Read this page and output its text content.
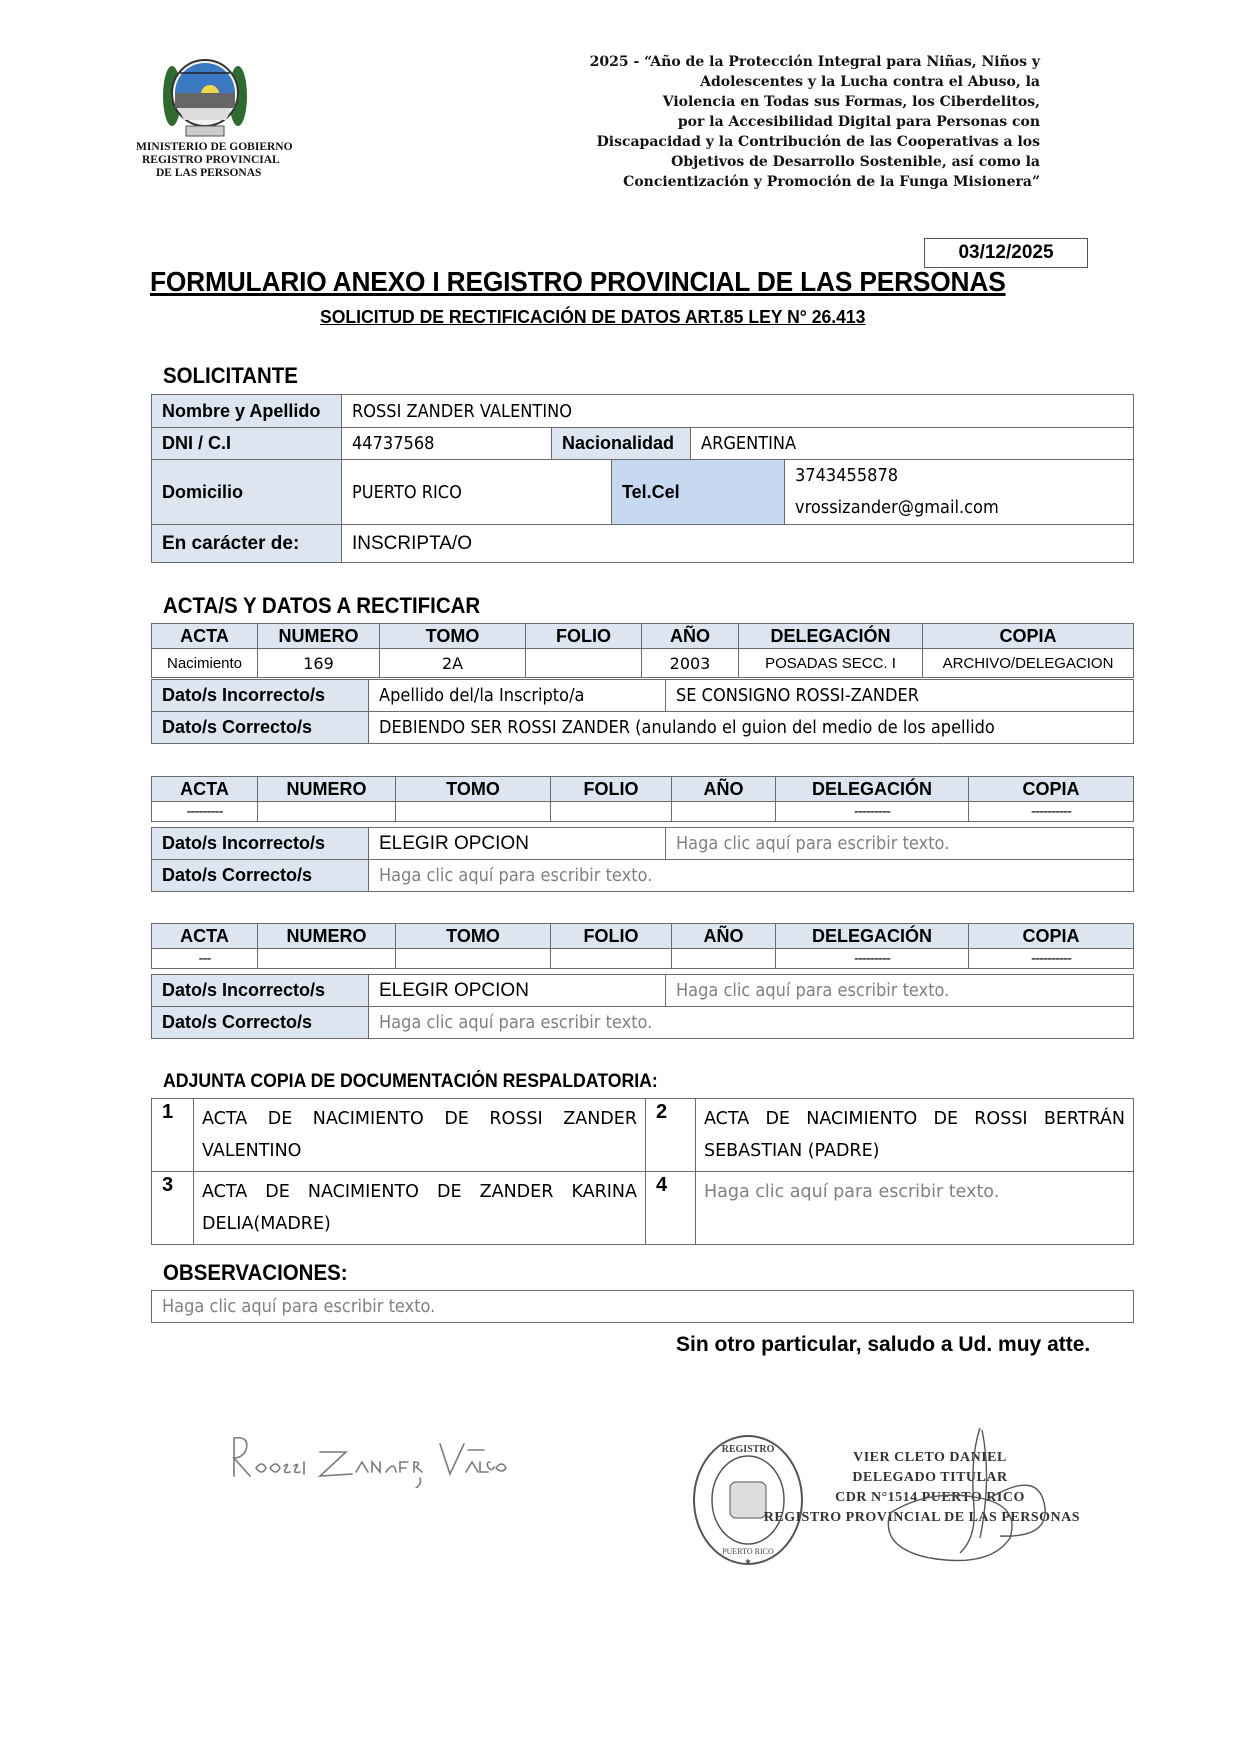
MINISTERIO DE GOBIERNO
REGISTRO PROVINCIAL
DE LAS PERSONAS
2025 - “Año de la Protección Integral para Niñas, Niños y
Adolescentes y la Lucha contra el Abuso, la
Violencia en Todas sus Formas, los Ciberdelitos,
por la Accesibilidad Digital para Personas con
Discapacidad y la Contribución de las Cooperativas a los
Objetivos de Desarrollo Sostenible, así como la
Concientización y Promoción de la Funga Misionera”
03/12/2025
FORMULARIO ANEXO I REGISTRO PROVINCIAL DE LAS PERSONAS
SOLICITUD DE RECTIFICACIÓN DE DATOS ART.85 LEY N° 26.413
SOLICITANTE
Nombre y Apellido	ROSSI ZANDER VALENTINO				
DNI / C.I	44737568	Nacionalidad		ARGENTINA	
Domicilio	PUERTO RICO		Tel.Cel		3743455878
vrossizander@gmail.com
En carácter de:	INSCRIPTA/O				
ACTA/S Y DATOS A RECTIFICAR
ACTA	NUMERO	TOMO	FOLIO	AÑO	DELEGACIÓN	COPIA
Nacimiento	169	2A		2003	POSADAS SECC. I	ARCHIVO/DELEGACION
Dato/s Incorrecto/s	Apellido del/la Inscripto/a	SE CONSIGNO ROSSI-ZANDER
Dato/s Correcto/s	DEBIENDO SER ROSSI ZANDER (anulando el guion del medio de los apellido	
ACTA	NUMERO	TOMO	FOLIO	AÑO	DELEGACIÓN	COPIA
---------					---------	----------
Dato/s Incorrecto/s	ELEGIR OPCION	Haga clic aquí para escribir texto.
Dato/s Correcto/s	Haga clic aquí para escribir texto.	
ACTA	NUMERO	TOMO	FOLIO	AÑO	DELEGACIÓN	COPIA
---					---------	----------
Dato/s Incorrecto/s	ELEGIR OPCION	Haga clic aquí para escribir texto.
Dato/s Correcto/s	Haga clic aquí para escribir texto.	
ADJUNTA COPIA DE DOCUMENTACIÓN RESPALDATORIA:
1	ACTA DE NACIMIENTO DE ROSSI ZANDER VALENTINO	2	ACTA DE NACIMIENTO DE ROSSI BERTRÁN SEBASTIAN (PADRE)
3	ACTA DE NACIMIENTO DE ZANDER KARINA DELIA(MADRE)	4	Haga clic aquí para escribir texto.
OBSERVACIONES:
Haga clic aquí para escribir texto.
Sin otro particular, saludo a Ud. muy atte.
REGISTRO
PUERTO RICO
★
VIER CLETO DANIEL
DELEGADO TITULAR
CDR N°1514 PUERTO RICO
REGISTRO PROVINCIAL DE LAS PERSONAS
